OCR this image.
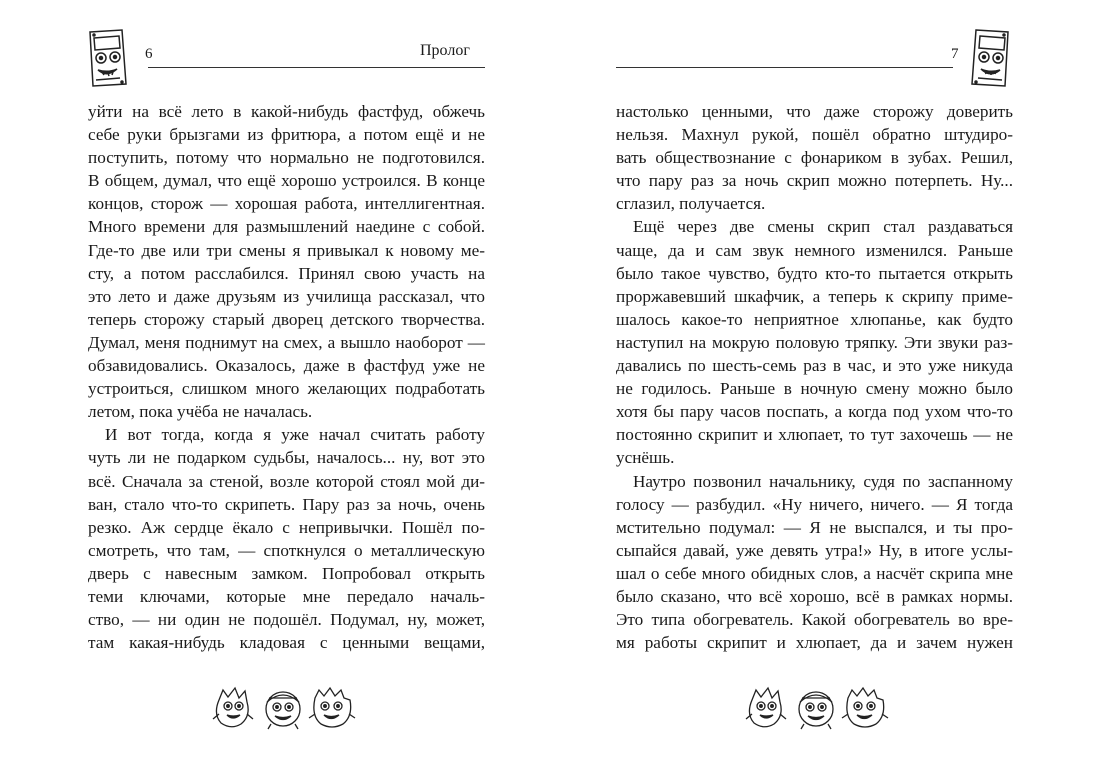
6	Пролог
уйти на всё лето в какой-нибудь фастфуд, обжечь
себе руки брызгами из фритюра, а потом ещё и не
поступить, потому что нормально не подготовился.
В общем, думал, что ещё хорошо устроился. В конце
концов, сторож — хорошая работа, интеллигентная.
Много времени для размышлений наедине с собой.
Где-то две или три смены я привыкал к новому ме-
сту, а потом расслабился. Принял свою участь на
это лето и даже друзьям из училища рассказал, что
теперь сторожу старый дворец детского творчества.
Думал, меня поднимут на смех, а вышло наоборот —
обзавидовались. Оказалось, даже в фастфуд уже не
устроиться, слишком много желающих подработать
летом, пока учёба не началась.
И вот тогда, когда я уже начал считать работу
чуть ли не подарком судьбы, началось... ну, вот это
всё. Сначала за стеной, возле которой стоял мой ди-
ван, стало что-то скрипеть. Пару раз за ночь, очень
резко. Аж сердце ёкало с непривычки. Пошёл по-
смотреть, что там, — споткнулся о металлическую
дверь с навесным замком. Попробовал открыть
теми ключами, которые мне передало началь-
ство, — ни один не подошёл. Подумал, ну, может,
там какая-нибудь кладовая с ценными вещами,
7
настолько ценными, что даже сторожу доверить
нельзя. Махнул рукой, пошёл обратно штудиро-
вать обществознание с фонариком в зубах. Решил,
что пару раз за ночь скрип можно потерпеть. Ну...
сглазил, получается.
Ещё через две смены скрип стал раздаваться
чаще, да и сам звук немного изменился. Раньше
было такое чувство, будто кто-то пытается открыть
проржавевший шкафчик, а теперь к скрипу приме-
шалось какое-то неприятное хлюпанье, как будто
наступил на мокрую половую тряпку. Эти звуки раз-
давались по шесть-семь раз в час, и это уже никуда
не годилось. Раньше в ночную смену можно было
хотя бы пару часов поспать, а когда под ухом что-то
постоянно скрипит и хлюпает, то тут захочешь — не
уснёшь.
Наутро позвонил начальнику, судя по заспанному
голосу — разбудил. «Ну ничего, ничего. — Я тогда
мстительно подумал: — Я не выспался, и ты про-
сыпайся давай, уже девять утра!» Ну, в итоге услы-
шал о себе много обидных слов, а насчёт скрипа мне
было сказано, что всё хорошо, всё в рамках нормы.
Это типа обогреватель. Какой обогреватель во вре-
мя работы скрипит и хлюпает, да и зачем нужен
